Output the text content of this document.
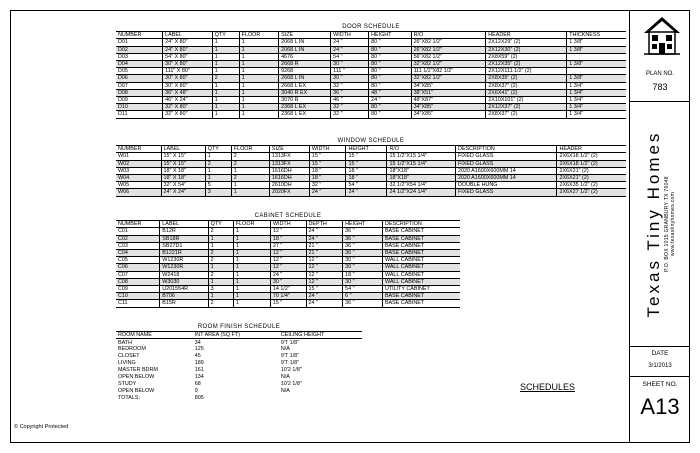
DOOR SCHEDULE
NUMBER	LABEL	QTY	FLOOR	SIZE	WIDTH	HEIGHT	R/O	HEADER	THICKNESS
D01	24" X 80"	1	1	2068 L IN	24 "	80 "	26"X82 1/2"	2X12X29" (2)	1 3/8"
D02	24" X 80"	1	1	2068 L IN	24 "	80 "	26"X82 1/2"	2X12X30" (2)	1 3/8"
D03	54" X 80"	1	1	4676	54 "	80 "	56"X82 1/2"	2X8X59" (2)	
D04	30" X 80"	1	1	2668 R	30 "	80 "	32"X82 1/2"	2X12X35" (2)	1 3/8"
D05	111" X 80"	1	1	9268	111 "	80 "	111 1/2"X82 1/2"	2X12X111 1/2" (2)	
D06	30" X 80"	2	1	2668 L IN	30 "	80 "	32"X82 1/2"	2X8X35" (2)	1 3/8"
D07	30" X 80"	1	1	2668 L EX	32 "	80 "	34"X85"	2X8X37" (2)	1 3/4"
D08	36" X 48"	1	1	3040 R EX	36 "	48 "	38"X51"	2X6X41" (2)	1 3/4"
D09	46" X 24"	1	1	3070 R	46 "	24 "	48"X87"	2X10X101" (2)	1 3/4"
D10	32" X 80"	1	1	2368 L EX	32 "	80 "	34"X85"	2X12X37" (2)	1 3/4"
D11	32" X 80"	1	1	2368 L EX	32 "	80 "	34"X85"	2X8X37" (2)	1 3/4"
WINDOW SCHEDULE
NUMBER	LABEL	QTY	FLOOR	SIZE	WIDTH	HEIGHT	R/O	DESCRIPTION	HEADER
W01	15" X 15"	1	2	1313FX	15 "	15 "	15 1/2"X15 1/4"	FIXED GLASS	2X6X18 1/2" (2)
W02	15" X 15"	2	2	1313FX	15 "	15 "	15 1/2"X15 1/4"	FIXED GLASS	2X6X18 1/2" (2)
W03	18" X 18"	1	1	1616DH	18 "	18 "	18"X18"	2020 A1600X600MM 14	2X6X21" (2)
W04	18" X 18"	1	2	1616DH	18 "	18 "	18"X18"	2020 A1600X600MM 14	2X6X21" (2)
W05	32" X 54"	5	1	2610DH	32 "	54 "	32 1/2"X54 1/4"	DOUBLE HUNG	2X6X35 1/2" (2)
W06	24" X 24"	3	1	2020FX	24 "	24 "	24 1/2"X24 1/4"	FIXED GLASS	2X6X27 1/2" (2)
CABINET SCHEDULE
NUMBER	LABEL	QTY	FLOOR	WIDTH	DEPTH	HEIGHT	DESCRIPTION
C01	B12R	2	1	12 "	24 "	36 "	BASE CABINET
C02	SB18R	1	1	18 "	24 "	36 "	BASE CABINET
C03	SB27D1	1	1	27 "	21 "	36 "	BASE CABINET
C04	B1221R	2	1	12 "	21 "	36 "	BASE CABINET
C05	W1230R	2	1	12 "	12 "	30 "	WALL CABINET
C06	W1230R	1	1	12 "	12 "	30 "	WALL CABINET
C07	W2418	2	1	24 "	12 "	18 "	WALL CABINET
C08	W3030	1	1	30 "	12 "	30 "	WALL CABINET
C09	U201554R	3	1	14 1/2"	15 "	54 "	UTILITY CABINET
C10	B706	1	1	70 1/4"	24 "	6 "	BASE CABINET
C11	B15R	2	1	15 "	24 "	36 "	BASE CABINET
ROOM FINISH SCHEDULE
ROOM NAME	INT AREA (SQ FT)	CEILING HEIGHT
BATH	34	9'T 1/8"
BEDROOM	125	N/A
CLOSET	45	9'T 1/8"
LIVING	189	9'T 1/8"
MASTER BDRM	161	10'2 1/8"
OPEN BELOW	134	N/A
STUDY	68	10'2 1/8"
OPEN BELOW	9	N/A
TOTALS:	805	
© Copyright Protected
SCHEDULES
PLAN NO.
783
Texas Tiny Homes P.O. BOX 1015 GRANBURY TX 76048 www.texastinyhomes.com
DATE
3/1/2013
SHEET NO.
A13
